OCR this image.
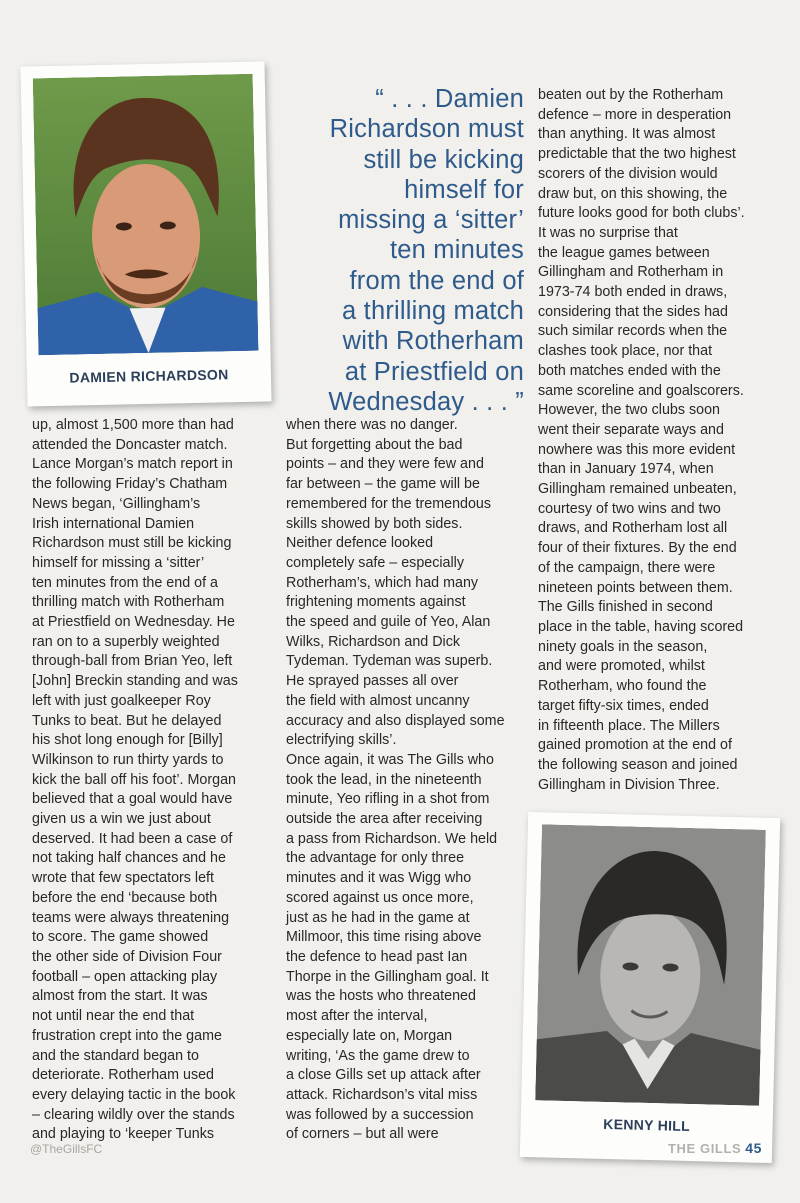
DAMIEN RICHARDSON
KENNY HILL
“ . . . Damien
Richardson must
still be kicking
himself for
missing a ‘sitter’
ten minutes
from the end of
a thrilling match
with Rotherham
at Priestfield on
Wednesday . . . ”
up, almost 1,500 more than had
attended the Doncaster match.
Lance Morgan’s match report in
the following Friday’s Chatham
News began, ‘Gillingham’s
Irish international Damien
Richardson must still be kicking
himself for missing a ‘sitter’
ten minutes from the end of a
thrilling match with Rotherham
at Priestfield on Wednesday. He
ran on to a superbly weighted
through-ball from Brian Yeo, left
[John] Breckin standing and was
left with just goalkeeper Roy
Tunks to beat. But he delayed
his shot long enough for [Billy]
Wilkinson to run thirty yards to
kick the ball off his foot’. Morgan
believed that a goal would have
given us a win we just about
deserved. It had been a case of
not taking half chances and he
wrote that few spectators left
before the end ‘because both
teams were always threatening
to score. The game showed
the other side of Division Four
football – open attacking play
almost from the start. It was
not until near the end that
frustration crept into the game
and the standard began to
deteriorate. Rotherham used
every delaying tactic in the book
– clearing wildly over the stands
and playing to ‘keeper Tunks
when there was no danger.
But forgetting about the bad
points – and they were few and
far between – the game will be
remembered for the tremendous
skills showed by both sides.
Neither defence looked
completely safe – especially
Rotherham’s, which had many
frightening moments against
the speed and guile of Yeo, Alan
Wilks, Richardson and Dick
Tydeman. Tydeman was superb.
He sprayed passes all over
the field with almost uncanny
accuracy and also displayed some
electrifying skills’.
Once again, it was The Gills who
took the lead, in the nineteenth
minute, Yeo rifling in a shot from
outside the area after receiving
a pass from Richardson. We held
the advantage for only three
minutes and it was Wigg who
scored against us once more,
just as he had in the game at
Millmoor, this time rising above
the defence to head past Ian
Thorpe in the Gillingham goal. It
was the hosts who threatened
most after the interval,
especially late on, Morgan
writing, ‘As the game drew to
a close Gills set up attack after
attack. Richardson’s vital miss
was followed by a succession
of corners – but all were
beaten out by the Rotherham
defence – more in desperation
than anything. It was almost
predictable that the two highest
scorers of the division would
draw but, on this showing, the
future looks good for both clubs’.
It was no surprise that
the league games between
Gillingham and Rotherham in
1973-74 both ended in draws,
considering that the sides had
such similar records when the
clashes took place, nor that
both matches ended with the
same scoreline and goalscorers.
However, the two clubs soon
went their separate ways and
nowhere was this more evident
than in January 1974, when
Gillingham remained unbeaten,
courtesy of two wins and two
draws, and Rotherham lost all
four of their fixtures. By the end
of the campaign, there were
nineteen points between them.
The Gills finished in second
place in the table, having scored
ninety goals in the season,
and were promoted, whilst
Rotherham, who found the
target fifty-six times, ended
in fifteenth place. The Millers
gained promotion at the end of
the following season and joined
Gillingham in Division Three.
@TheGillsFC	THE GILLS 45
